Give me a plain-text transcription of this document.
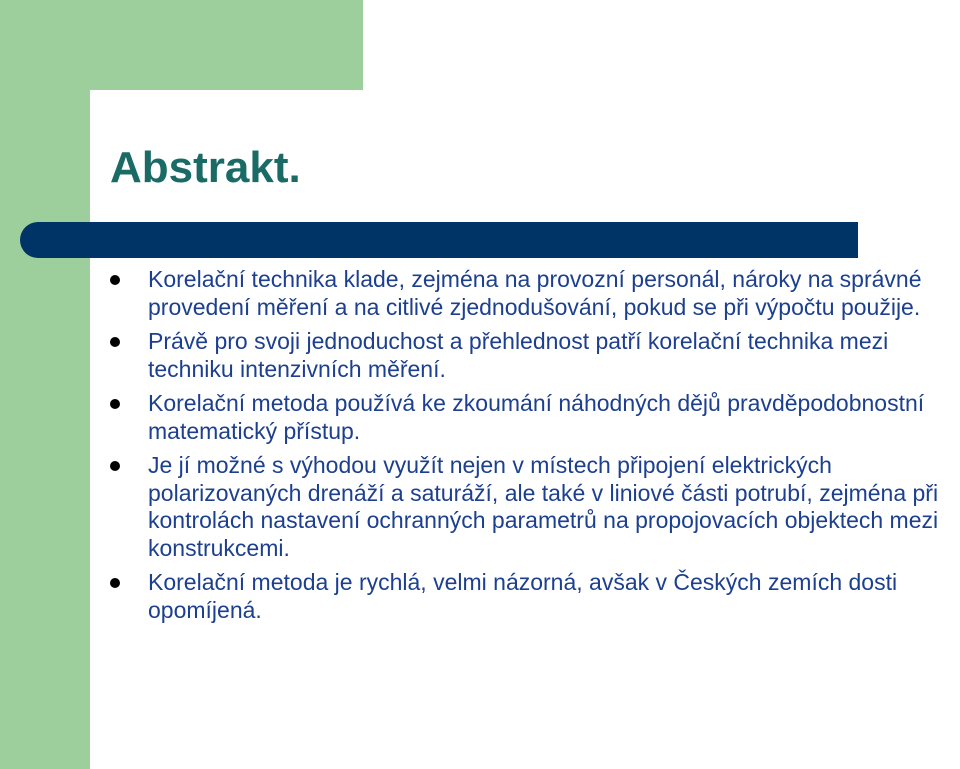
Abstrakt.
Korelační technika klade, zejména na provozní personál, nároky na správné provedení měření a na citlivé zjednodušování, pokud se při výpočtu použije.
Právě pro svoji jednoduchost a přehlednost patří korelační technika mezi techniku intenzivních měření.
Korelační metoda používá ke zkoumání náhodných dějů pravděpodobnostní matematický přístup.
Je jí možné s výhodou využít nejen v místech připojení elektrických polarizovaných drenáží a saturáží, ale také v liniové části potrubí, zejména při kontrolách nastavení ochranných parametrů na propojovacích objektech mezi konstrukcemi.
Korelační metoda je rychlá, velmi názorná, avšak v Českých zemích dosti opomíjená.
